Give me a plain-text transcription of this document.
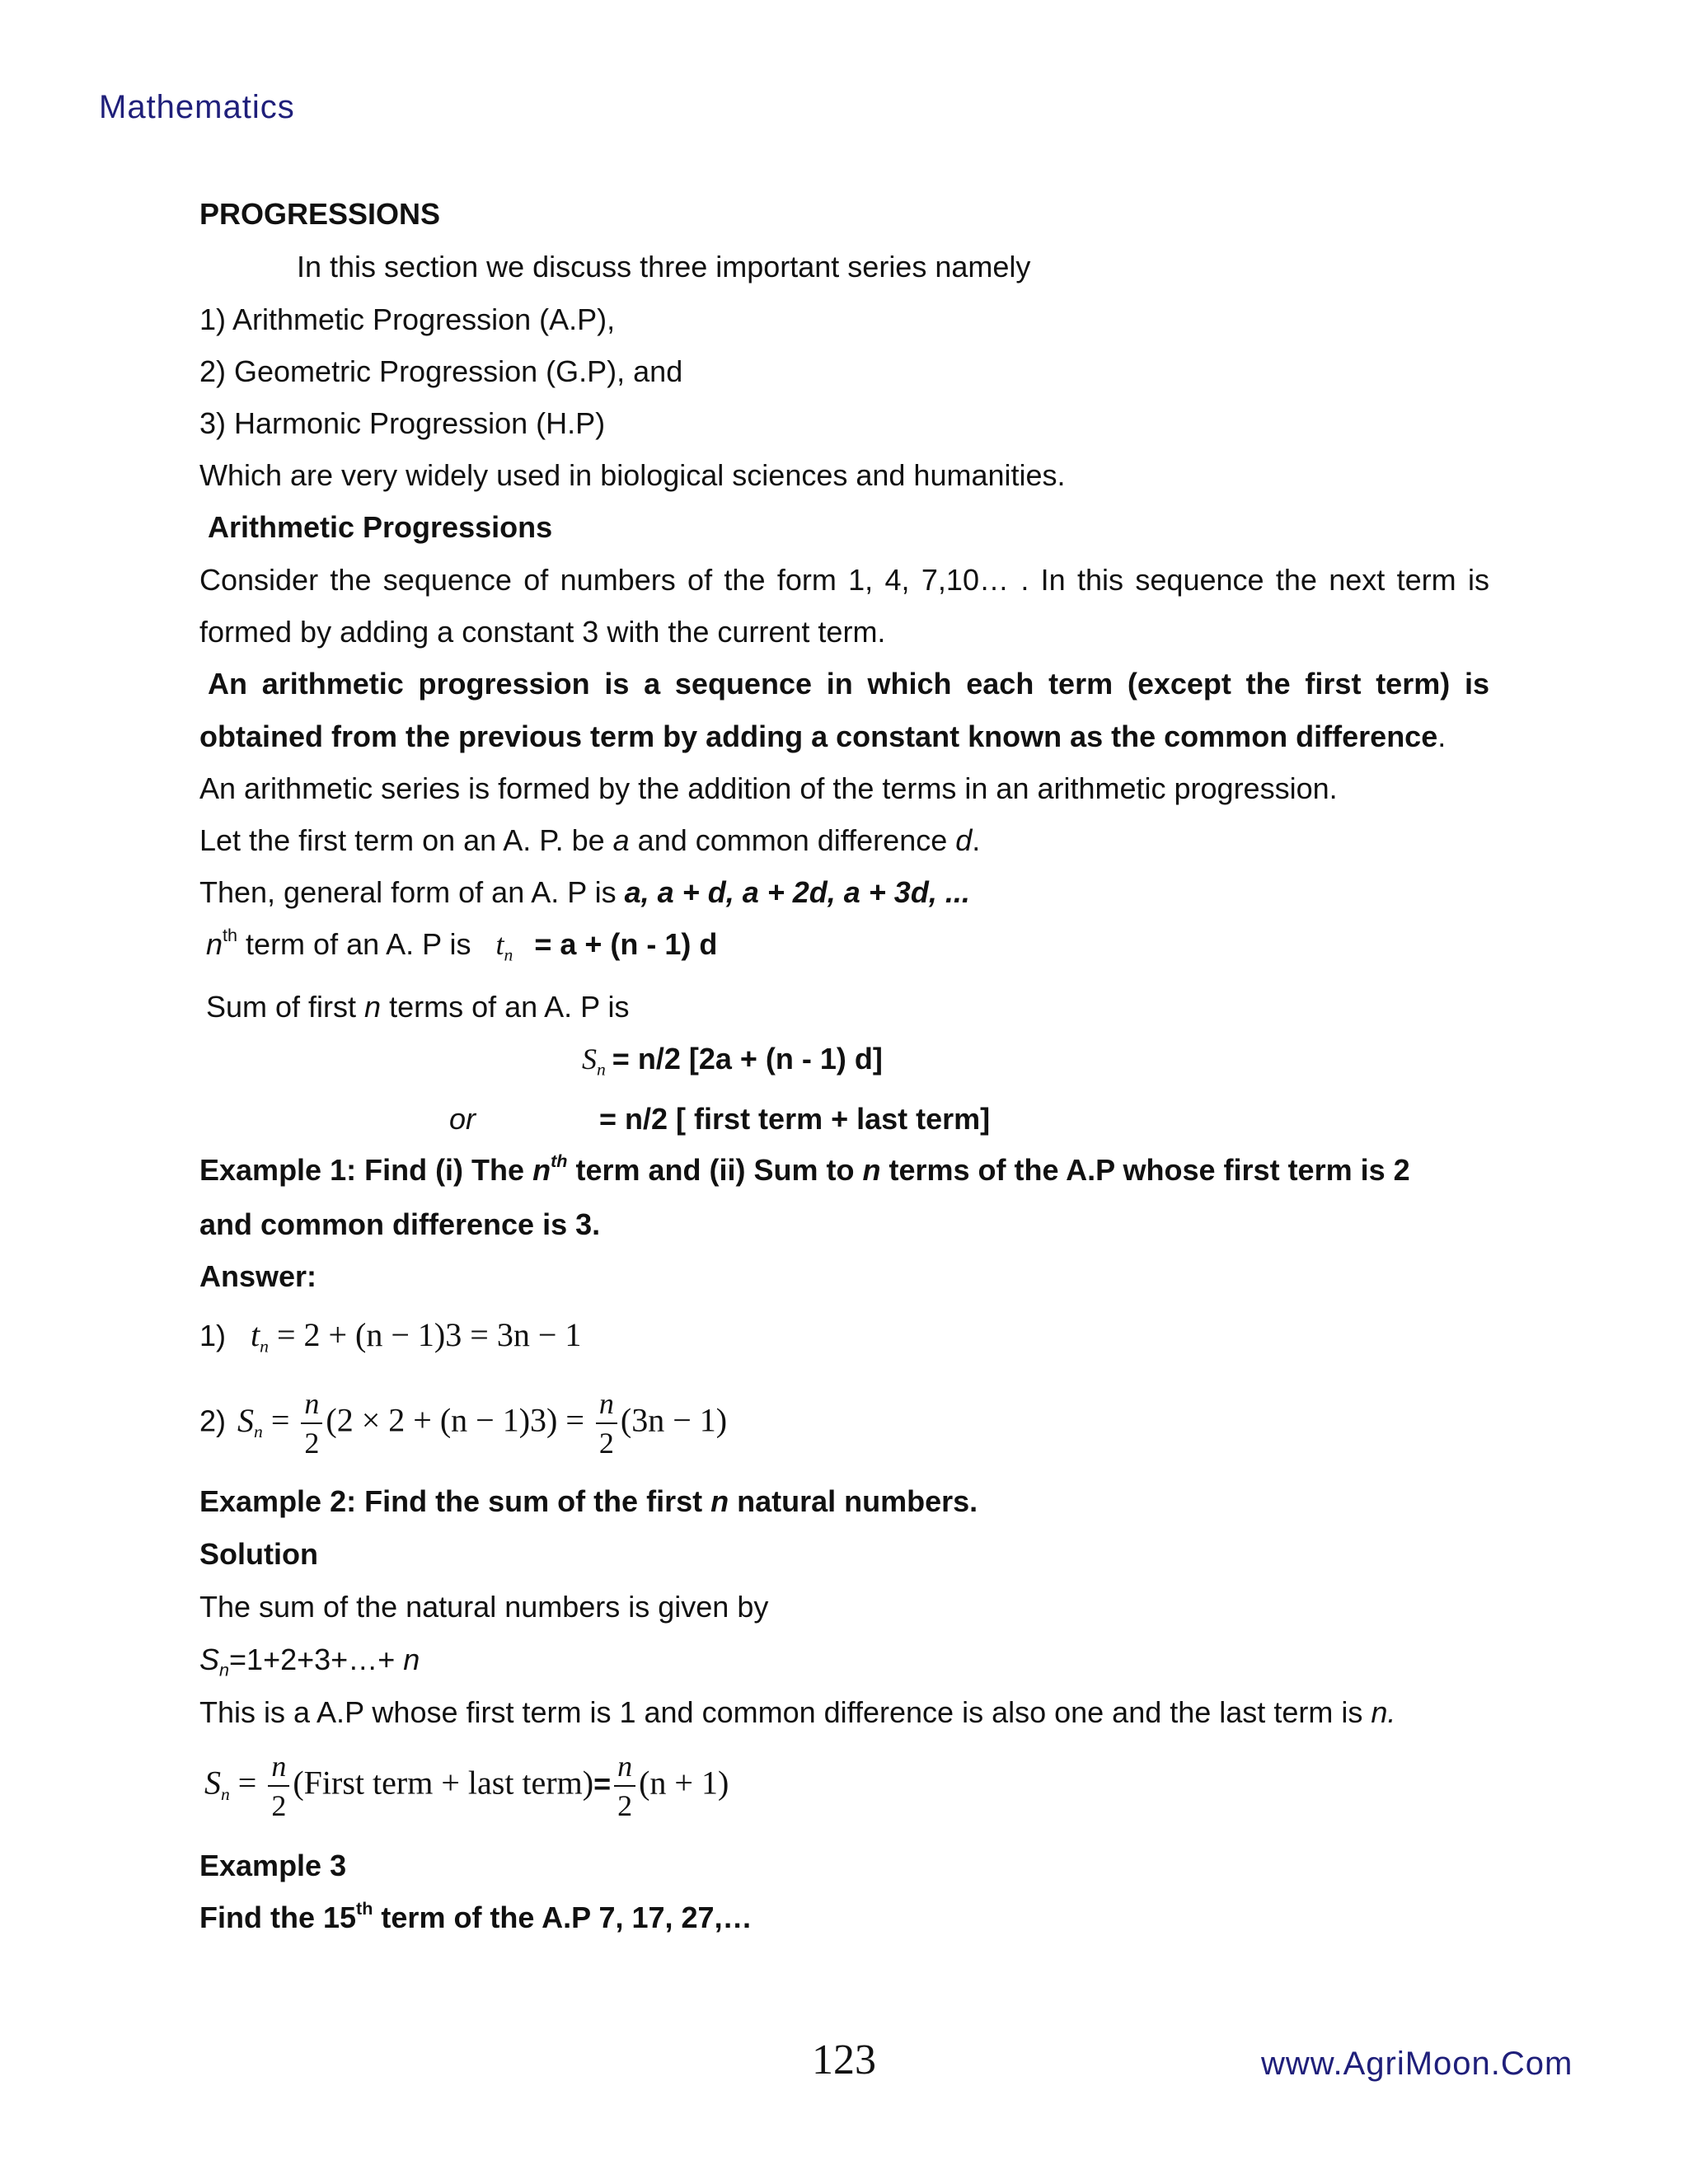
Mathematics
PROGRESSIONS
In this section we discuss three important series namely
1) Arithmetic Progression (A.P),
2) Geometric Progression (G.P), and
3) Harmonic Progression (H.P)
Which are very widely used in biological sciences and humanities.
Arithmetic Progressions
Consider the sequence of numbers of the form 1, 4, 7,10… . In this sequence the next term is
formed by adding a constant 3 with the current term.
An arithmetic progression is a sequence in which each term (except the first term) is
obtained from the previous term by adding a constant known as the common difference.
An arithmetic series is formed by the addition of the terms in an arithmetic progression.
Let the first term on an A. P. be a and common difference d.
Then, general form of an A. P is a, a + d, a + 2d, a + 3d, ...
$n^{th}$ term of an A. P is $t_n = a + (n - 1)$ d
Sum of first n terms of an A. P is
$S_n = n/2$ [2a + (n - 1) d]
or	= n/2 [ first term + last term]
Example 1: Find (i) The $n^{th}$ term and (ii) Sum to n terms of the A.P whose first term is 2
and common difference is 3.
Answer:
1) $t_n = 2 + (n - 1)3 = 3n - 1$
2) $S_n = \frac{n}{2} (2 \times 2 + (n - 1)3) = \frac{n}{2} (3n - 1)$
Example 2: Find the sum of the first n natural numbers.
Solution
The sum of the natural numbers is given by
$S_n=1+2+3+\dots+ n$
This is a A.P whose first term is 1 and common difference is also one and the last term is n.
$S_n = \frac{n}{2}$ (First term + last term)= $\frac{n}{2} (n + 1)$
Example 3
Find the 15th term of the A.P 7, 17, 27,…
123	www.AgriMoon.Com
